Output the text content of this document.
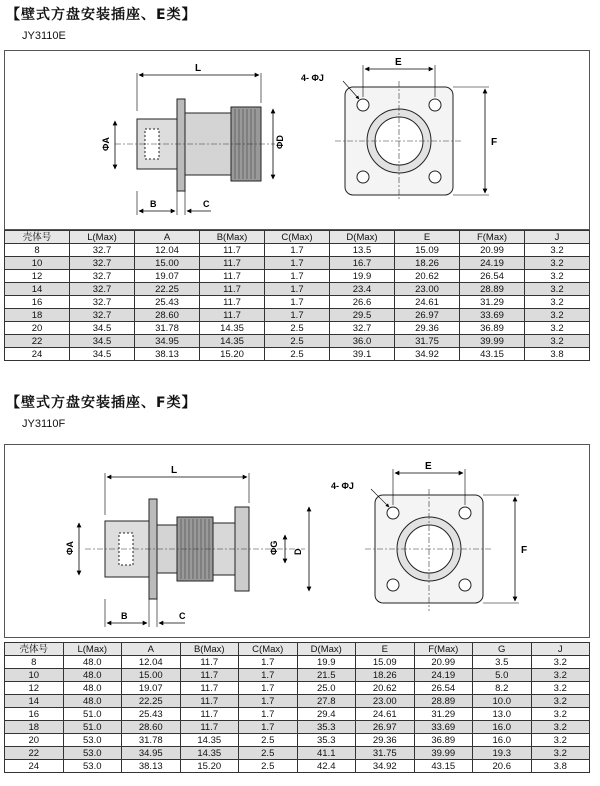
【壁式方盘安装插座、E类】
JY3110E
L
ΦA	ΦD
B	C
E
F
4- ΦJ
壳体号	L(Max)	A	B(Max)	C(Max)	D(Max)	E	F(Max)	J
8	32.7	12.04	11.7	1.7	13.5	15.09	20.99	3.2
10	32.7	15.00	11.7	1.7	16.7	18.26	24.19	3.2
12	32.7	19.07	11.7	1.7	19.9	20.62	26.54	3.2
14	32.7	22.25	11.7	1.7	23.4	23.00	28.89	3.2
16	32.7	25.43	11.7	1.7	26.6	24.61	31.29	3.2
18	32.7	28.60	11.7	1.7	29.5	26.97	33.69	3.2
20	34.5	31.78	14.35	2.5	32.7	29.36	36.89	3.2
22	34.5	34.95	14.35	2.5	36.0	31.75	39.99	3.2
24	34.5	38.13	15.20	2.5	39.1	34.92	43.15	3.8
【壁式方盘安装插座、F类】
JY3110F
L
ΦA	ΦG D
B	C
E
F
4- ΦJ
壳体号	L(Max)	A	B(Max)	C(Max)	D(Max)	E	F(Max)	G	J
8	48.0	12.04	11.7	1.7	19.9	15.09	20.99	3.5	3.2
10	48.0	15.00	11.7	1.7	21.5	18.26	24.19	5.0	3.2
12	48.0	19.07	11.7	1.7	25.0	20.62	26.54	8.2	3.2
14	48.0	22.25	11.7	1.7	27.8	23.00	28.89	10.0	3.2
16	51.0	25.43	11.7	1.7	29.4	24.61	31.29	13.0	3.2
18	51.0	28.60	11.7	1.7	35.3	26.97	33.69	16.0	3.2
20	53.0	31.78	14.35	2.5	35.3	29.36	36.89	16.0	3.2
22	53.0	34.95	14.35	2.5	41.1	31.75	39.99	19.3	3.2
24	53.0	38.13	15.20	2.5	42.4	34.92	43.15	20.6	3.8
